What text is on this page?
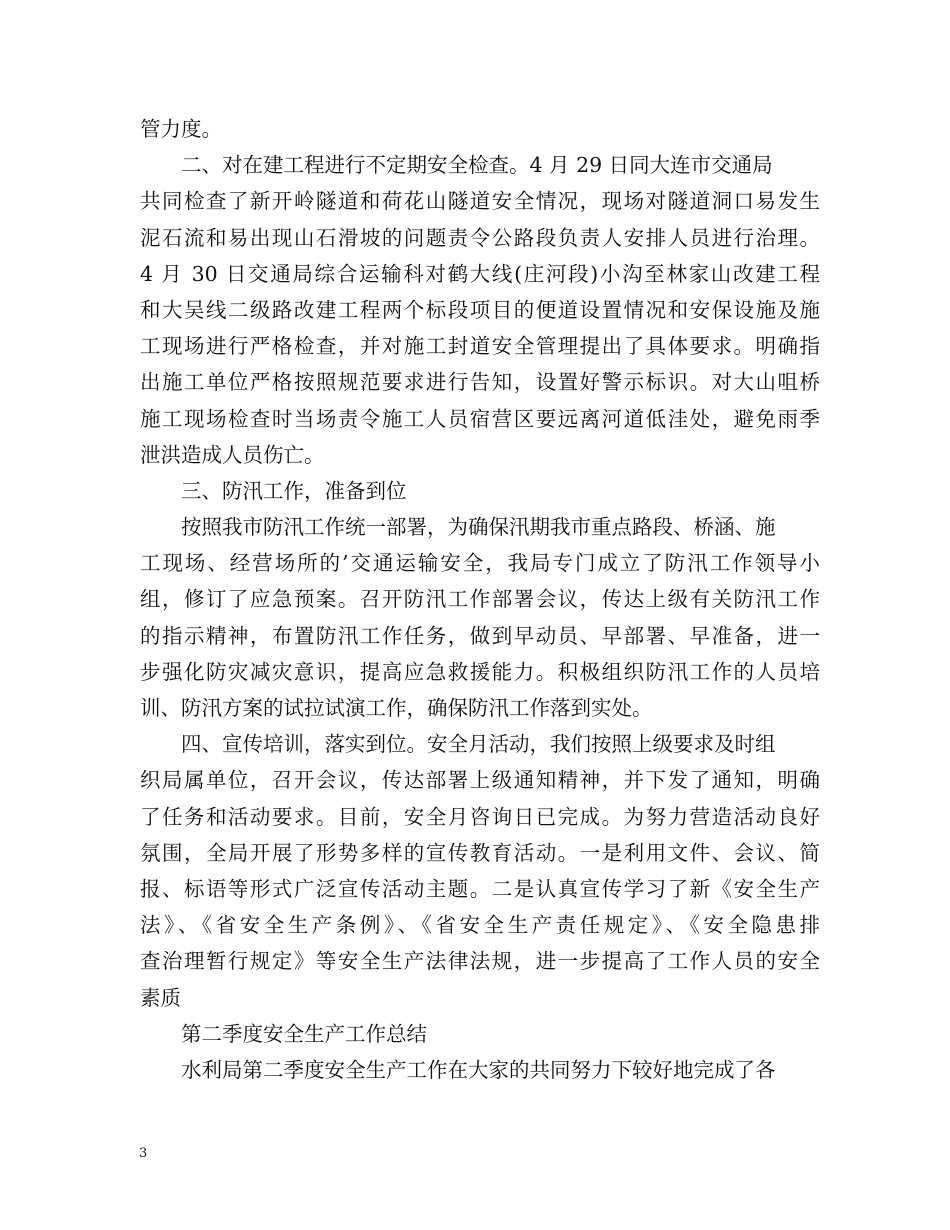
管力度。
二、对在建工程进行不定期安全检查。4 月 29 日同大连市交通局
共同检查了新开岭隧道和荷花山隧道安全情况，现场对隧道洞口易发生
泥石流和易出现山石滑坡的问题责令公路段负责人安排人员进行治理。
4 月 30 日交通局综合运输科对鹤大线(庄河段)小沟至林家山改建工程
和大吴线二级路改建工程两个标段项目的便道设置情况和安保设施及施
工现场进行严格检查，并对施工封道安全管理提出了具体要求。明确指
出施工单位严格按照规范要求进行告知，设置好警示标识。对大山咀桥
施工现场检查时当场责令施工人员宿营区要远离河道低洼处，避免雨季
泄洪造成人员伤亡。
三、防汛工作，准备到位
按照我市防汛工作统一部署，为确保汛期我市重点路段、桥涵、施
工现场、经营场所的’交通运输安全，我局专门成立了防汛工作领导小
组，修订了应急预案。召开防汛工作部署会议，传达上级有关防汛工作
的指示精神，布置防汛工作任务，做到早动员、早部署、早准备，进一
步强化防灾减灾意识，提高应急救援能力。积极组织防汛工作的人员培
训、防汛方案的试拉试演工作，确保防汛工作落到实处。
四、宣传培训，落实到位。安全月活动，我们按照上级要求及时组
织局属单位，召开会议，传达部署上级通知精神，并下发了通知，明确
了任务和活动要求。目前，安全月咨询日已完成。为努力营造活动良好
氛围，全局开展了形势多样的宣传教育活动。一是利用文件、会议、简
报、标语等形式广泛宣传活动主题。二是认真宣传学习了新《安全生产
法》、《省安全生产条例》、《省安全生产责任规定》、《安全隐患排
查治理暂行规定》等安全生产法律法规，进一步提高了工作人员的安全
素质
第二季度安全生产工作总结
水利局第二季度安全生产工作在大家的共同努力下较好地完成了各
3
